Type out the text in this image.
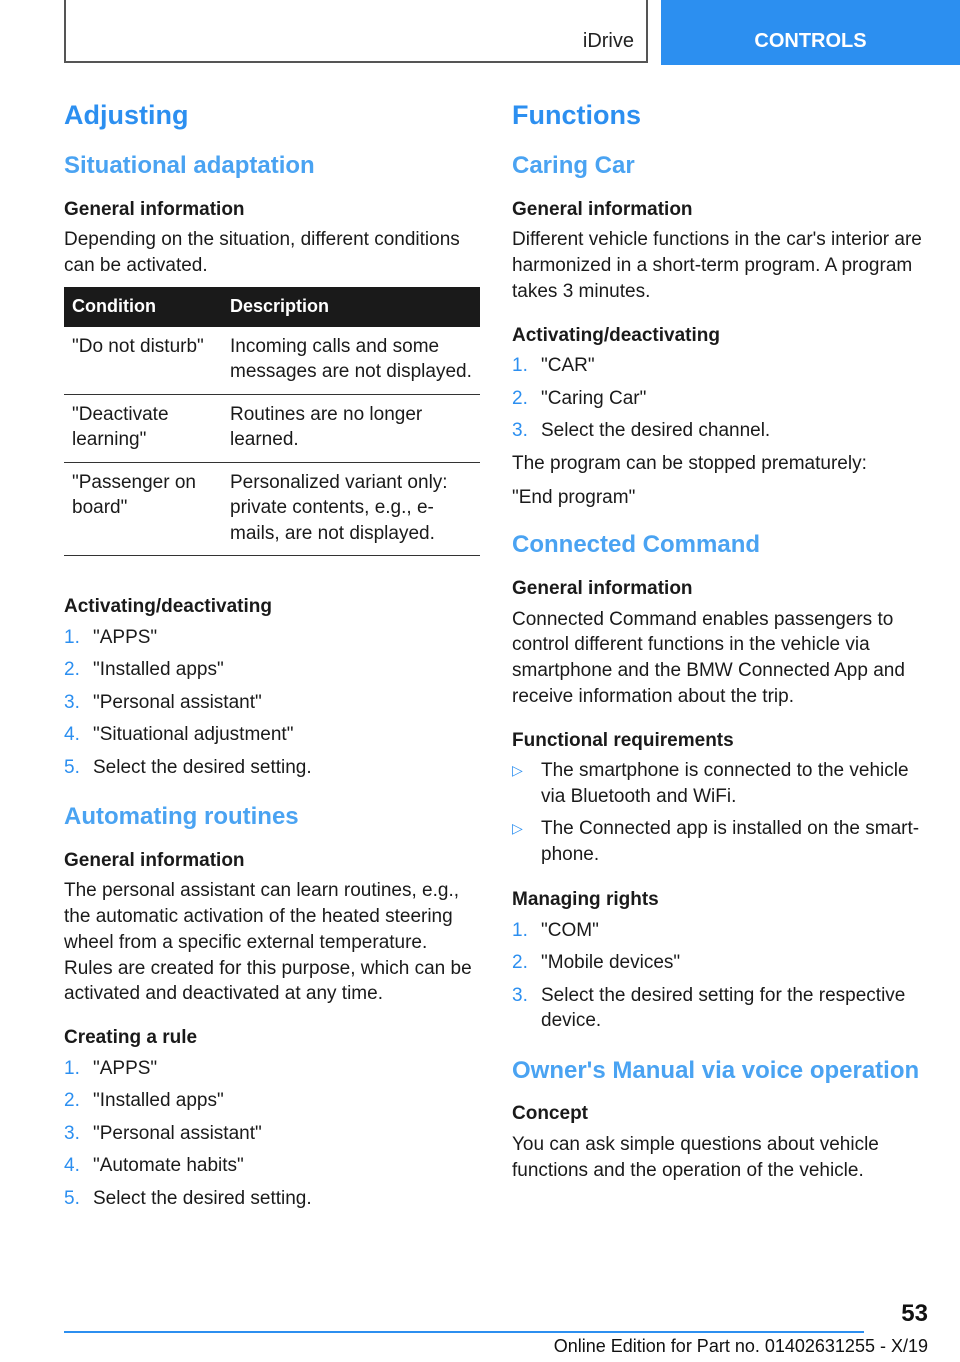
iDrive	CONTROLS
Adjusting
Situational adaptation
General information

Depending on the situation, different conditions can be activated.

Condition	Description
"Do not disturb"	Incoming calls and some messages are not displayed.
"Deactivate learning"	Routines are no longer learned.
"Passenger on board"	Personalized variant only: private contents, e.g., e-mails, are not displayed.
Activating/deactivating
1. "APPS"
2. "Installed apps"
3. "Personal assistant"
4. "Situational adjustment"
5. Select the desired setting.
Automating routines
General information

The personal assistant can learn routines, e.g., the automatic activation of the heated steering wheel from a specific external temperature. Rules are created for this purpose, which can be activated and deactivated at any time.

Creating a rule
1. "APPS"
2. "Installed apps"
3. "Personal assistant"
4. "Automate habits"
5. Select the desired setting.
Functions
Caring Car
General information

Different vehicle functions in the car's interior are harmonized in a short-term program. A program takes 3 minutes.

Activating/deactivating
1. "CAR"
2. "Caring Car"
3. Select the desired channel.

The program can be stopped prematurely:

"End program"

Connected Command
General information

Connected Command enables passengers to control different functions in the vehicle via smartphone and the BMW Connected App and receive information about the trip.

Functional requirements
▷ The smartphone is connected to the vehicle via Bluetooth and WiFi.
▷ The Connected app is installed on the smart-phone.
Managing rights
1. "COM"
2. "Mobile devices"
3. Select the desired setting for the respective device.
Owner's Manual via voice operation
Concept

You can ask simple questions about vehicle functions and the operation of the vehicle.

53
Online Edition for Part no. 01402631255 - X/19
